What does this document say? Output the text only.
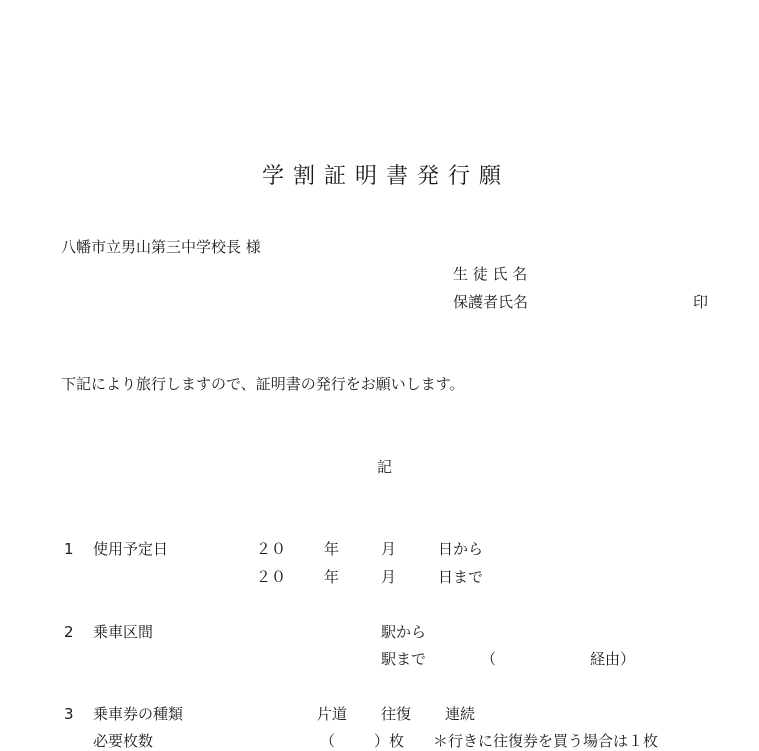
学割証明書発行願
八幡市立男山第三中学校長 様
生 徒 氏 名
保護者氏名	印
下記により旅行しますので、証明書の発行をお願いします。
記
1 使用予定日	２０	年	月	日から
２０	年	月	日まで
2 乗車区間	駅から
駅まで	（	経由）
3 乗車券の種類	片道 往復 連続
必要枚数	（	）枚 ＊行きに往復券を買う場合は１枚
